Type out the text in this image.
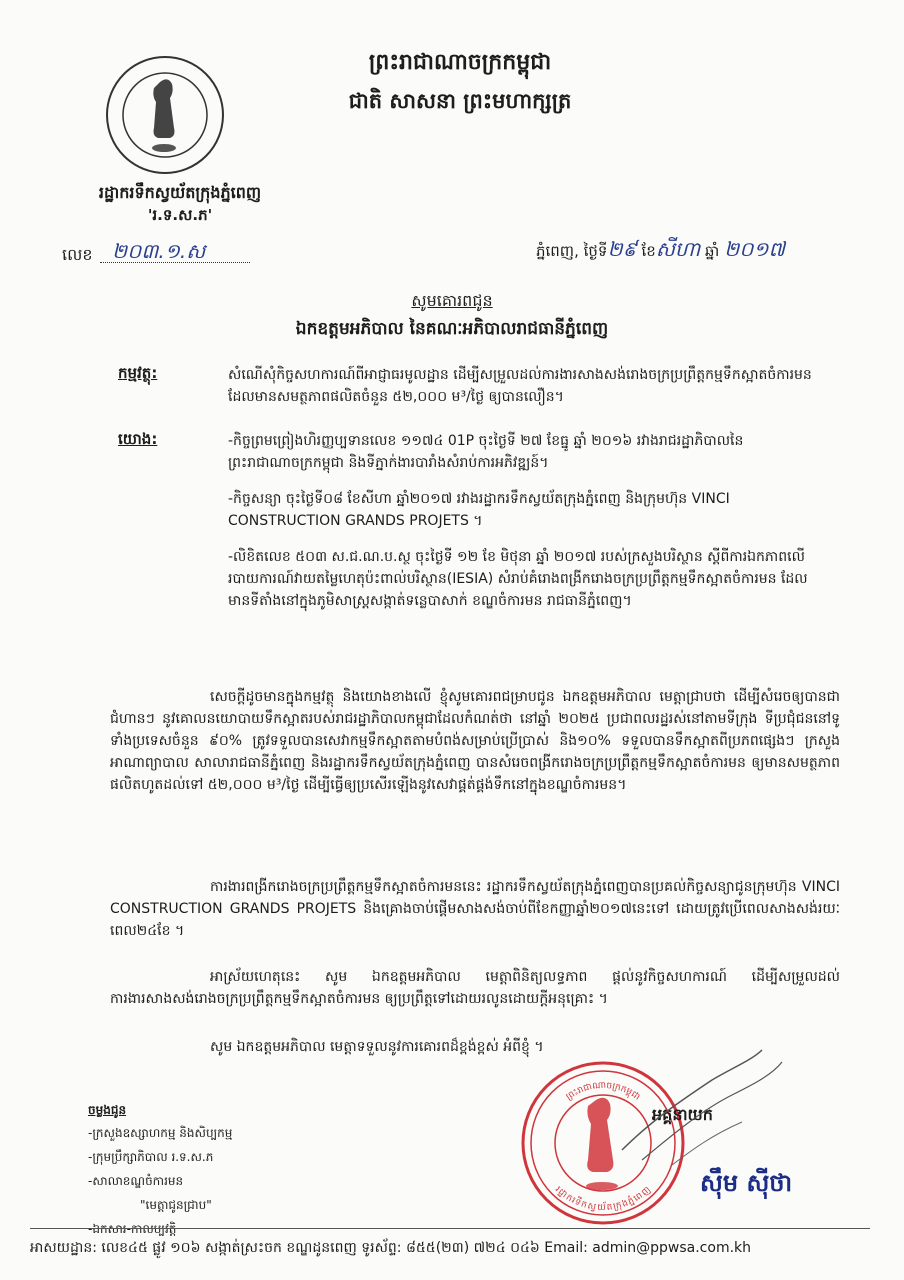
ព្រះរាជាណាចក្រកម្ពុជា
ជាតិ សាសនា ព្រះមហាក្សត្រ
រដ្ឋាករទឹកស្វយ័តក្រុងភ្នំពេញ
'រ.ទ.ស.ភ'
លេខ ២០៣.១.ស	ភ្នំពេញ, ថ្ងៃទី២៩ ខែសីហា ឆ្នាំ ២០១៧
សូមគោរពជូន
ឯកឧត្តមអភិបាល នៃគណៈអភិបាលរាជធានីភ្នំពេញ
កម្មវត្ថុ:	សំណើសុំកិច្ចសហការណ៍ពីអាជ្ញាធរមូលដ្ឋាន ដើម្បីសម្រួលដល់ការងារសាងសង់រោងចក្រប្រព្រឹត្តកម្មទឹកស្អាតចំការមន ដែលមានសមត្ថភាពផលិតចំនួន ៥២,០០០ ម³/ថ្ងៃ ឲ្យបានលឿន។
យោង:	-កិច្ចព្រមព្រៀងហិរញ្ញប្បទានលេខ ១១៧៤ 01P ចុះថ្ងៃទី ២៧ ខែធ្នូ ឆ្នាំ ២០១៦ រវាងរាជរដ្ឋាភិបាលនៃព្រះរាជាណាចក្រកម្ពុជា និងទីភ្នាក់ងារបារាំងសំរាប់ការអភិវឌ្ឍន៍។
-កិច្ចសន្យា ចុះថ្ងៃទី០៨ ខែសីហា ឆ្នាំ២០១៧ រវាងរដ្ឋាករទឹកស្វយ័តក្រុងភ្នំពេញ និងក្រុមហ៊ុន VINCI CONSTRUCTION GRANDS PROJETS ។
-លិខិតលេខ ៥០៣ ស.ជ.ណ.ប.ស្ថ ចុះថ្ងៃទី ១២ ខែ មិថុនា ឆ្នាំ ២០១៧ របស់ក្រសួងបរិស្ថាន ស្តីពីការឯកភាពលើរបាយការណ៍វាយតម្លៃហេតុប៉ះពាល់បរិស្ថាន(IESIA) សំរាប់គំរោងពង្រីករោងចក្រប្រព្រឹត្តកម្មទឹកស្អាតចំការមន ដែលមានទីតាំងនៅក្នុងភូមិសាស្ត្រសង្កាត់ទន្លេបាសាក់ ខណ្ឌចំការមន រាជធានីភ្នំពេញ។
សេចក្តីដូចមានក្នុងកម្មវត្ថុ និងយោងខាងលើ ខ្ញុំសូមគោរពជម្រាបជូន ឯកឧត្តមអភិបាល មេត្តាជ្រាបថា ដើម្បីសំរេចឲ្យបានជាជំហានៗ នូវគោលនយោបាយទឹកស្អាតរបស់រាជរដ្ឋាភិបាលកម្ពុជាដែលកំណត់ថា នៅឆ្នាំ ២០២៥ ប្រជាពលរដ្ឋរស់នៅតាមទីក្រុង ទីប្រជុំជននៅទូទាំងប្រទេសចំនួន ៩០% ត្រូវទទួលបានសេវាកម្មទឹកស្អាតតាមបំពង់សម្រាប់ប្រើប្រាស់ និង១០% ទទួលបានទឹកស្អាតពីប្រភពផ្សេងៗ ក្រសួងអាណាព្យាបាល សាលារាជធានីភ្នំពេញ និងរដ្ឋាករទឹកស្វយ័តក្រុងភ្នំពេញ បានសំរេចពង្រីករោងចក្រប្រព្រឹត្តកម្មទឹកស្អាតចំការមន ឲ្យមានសមត្ថភាពផលិតហូតដល់ទៅ ៥២,០០០ ម³/ថ្ងៃ ដើម្បីធ្វើឲ្យប្រសើរឡើងនូវសេវាផ្គត់ផ្គង់ទឹកនៅក្នុងខណ្ឌចំការមន។
ការងារពង្រីករោងចក្រប្រព្រឹត្តកម្មទឹកស្អាតចំការមននេះ រដ្ឋាករទឹកស្វយ័តក្រុងភ្នំពេញបានប្រគល់កិច្ចសន្យាជូនក្រុមហ៊ុន VINCI CONSTRUCTION GRANDS PROJETS និងគ្រោងចាប់ផ្តើមសាងសង់ចាប់ពីខែកញ្ញាឆ្នាំ២០១៧នេះទៅ ដោយត្រូវប្រើពេលសាងសង់រយៈពេល២៤ខែ ។
អាស្រ័យហេតុនេះ សូម ឯកឧត្តមអភិបាល មេត្តាពិនិត្យលទ្ធភាព ផ្តល់នូវកិច្ចសហការណ៍ ដើម្បីសម្រួលដល់ការងារសាងសង់រោងចក្រប្រព្រឹត្តកម្មទឹកស្អាតចំការមន ឲ្យប្រព្រឹត្តទៅដោយរលូនដោយក្តីអនុគ្រោះ ។
សូម ឯកឧត្តមអភិបាល មេត្តាទទួលនូវការគោរពដ៏ខ្ពង់ខ្ពស់ អំពីខ្ញុំ ។
ចម្លងជូន
-ក្រសួងឧស្សាហកម្ម និងសិប្បកម្ម
-ក្រុមប្រឹក្សាភិបាល រ.ទ.ស.ភ
-សាលាខណ្ឌចំការមន
"មេត្តាជូនជ្រាប"
-ឯកសារ-កាលប្បវត្តិ
ព្រះរាជាណាចក្រកម្ពុជា
រដ្ឋាករទឹកស្វយ័តក្រុងភ្នំពេញ
អគ្គនាយក
ស៊ឹម ស៊ីថា
អាសយដ្ឋាន: លេខ៤៥ ផ្លូវ ១០៦ សង្កាត់ស្រះចក ខណ្ឌដូនពេញ ទូរស័ព្ទ: ៨៥៥(២៣) ៧២៤ ០៤៦ Email: admin@ppwsa.com.kh
